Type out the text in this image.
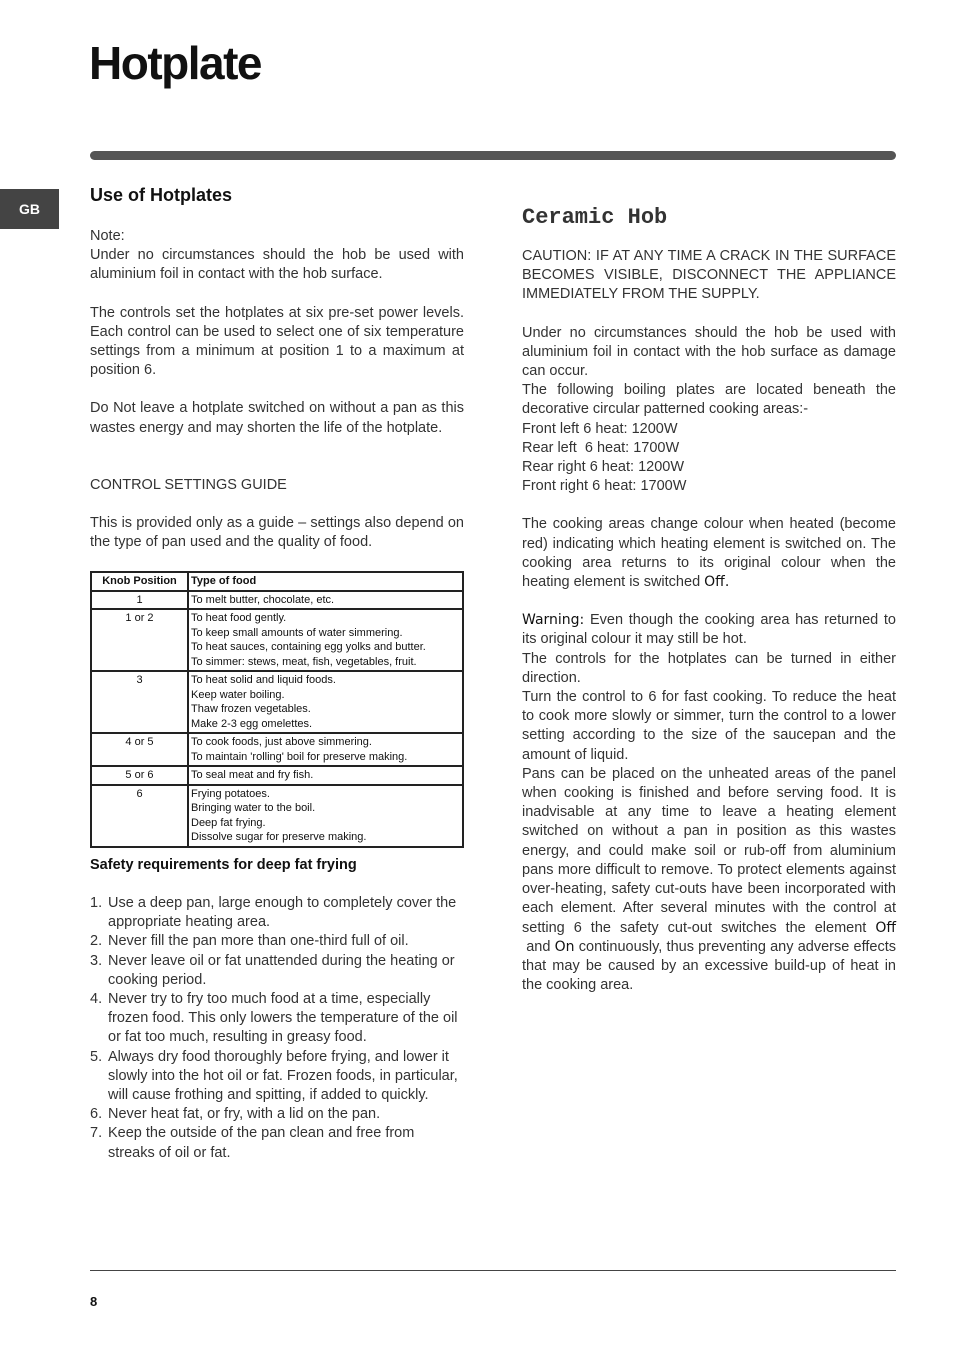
Hotplate
GB
Use of Hotplates

Note:

Under no circumstances should the hob be used with aluminium foil in contact with the hob surface.

The controls set the hotplates at six pre-set power levels. Each control can be used to select one of six temperature settings from a minimum at position 1 to a maximum at position 6.

Do Not leave a hotplate switched on without a pan as this wastes energy and may shorten the life of the hotplate.

CONTROL SETTINGS GUIDE

This is provided only as a guide – settings also depend on the type of pan used and the quality of food.

Knob Position	Type of food
1	To melt butter, chocolate, etc.

1 or 2	To heat food gently.
To keep small amounts of water simmering.
To heat sauces, containing egg yolks and butter.
To simmer: stews, meat, fish, vegetables, fruit.

3	To heat solid and liquid foods.
Keep water boiling.
Thaw frozen vegetables.
Make 2-3 egg omelettes.

4 or 5	To cook foods, just above simmering.
To maintain 'rolling' boil for preserve making.

5 or 6	To seal meat and fry fish.

6	Frying potatoes.
Bringing water to the boil.
Deep fat frying.
Dissolve sugar for preserve making.
Safety requirements for deep fat frying
1. Use a deep pan, large enough to completely cover the appropriate heating area.
2. Never fill the pan more than one-third full of oil.
3. Never leave oil or fat unattended during the heating or cooking period.
4. Never try to fry too much food at a time, especially frozen food. This only lowers the temperature of the oil or fat too much, resulting in greasy food.
5. Always dry food thoroughly before frying, and lower it slowly into the hot oil or fat. Frozen foods, in particular, will cause frothing and spitting, if added to quickly.
6. Never heat fat, or fry, with a lid on the pan.
7. Keep the outside of the pan clean and free from streaks of oil or fat.
Ceramic Hob

CAUTION: IF AT ANY TIME A CRACK IN THE SURFACE BECOMES VISIBLE, DISCONNECT THE APPLIANCE IMMEDIATELY FROM THE SUPPLY.

Under no circumstances should the hob be used with aluminium foil in contact with the hob surface as damage can occur.

The following boiling plates are located beneath the decorative circular patterned cooking areas:-

Front left 6 heat: 1200W

Rear left  6 heat: 1700W

Rear right 6 heat: 1200W

Front right 6 heat: 1700W

The cooking areas change colour when heated (become red) indicating which heating element is switched on. The cooking area returns to its original colour when the heating element is switched Off.

Warning: Even though the cooking area has returned to its original colour it may still be hot.

The controls for the hotplates can be turned in either direction.

Turn the control to 6 for fast cooking. To reduce the heat to cook more slowly or simmer, turn the control to a lower setting according to the size of the saucepan and the amount of liquid.

Pans can be placed on the unheated areas of the panel when cooking is finished and before serving food. It is inadvisable at any time to leave a heating element switched on without a pan in position as this wastes energy, and could make soil or rub-off from aluminium pans more difficult to remove. To protect elements against over-heating, safety cut-outs have been incorporated with each element. After several minutes with the control at setting 6 the safety cut-out switches the element Off and On continuously, thus preventing any adverse effects that may be caused by an excessive build-up of heat in the cooking area.

8
